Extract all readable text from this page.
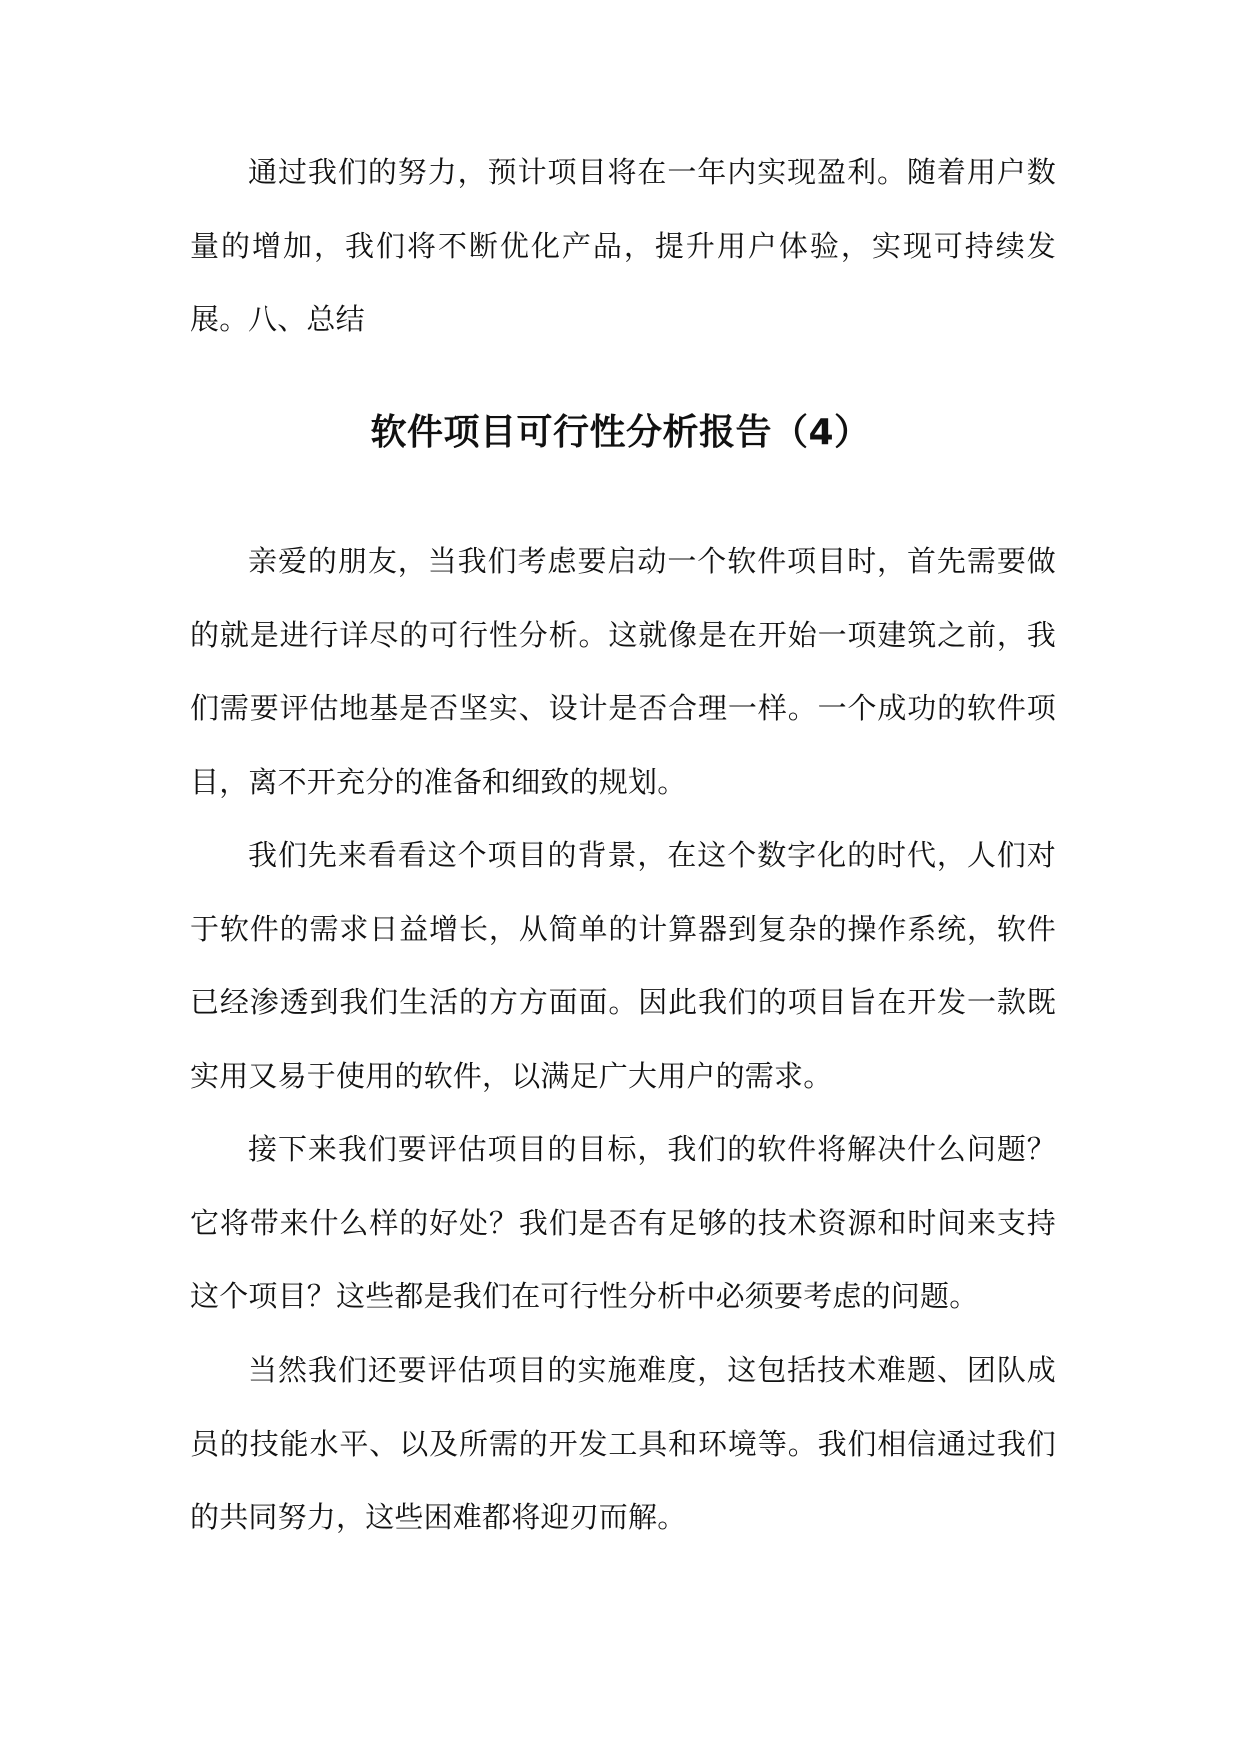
通过我们的努力，预计项目将在一年内实现盈利。随着用户数量的增加，我们将不断优化产品，提升用户体验，实现可持续发展。 八、总结

软件项目可行性分析报告（4）

亲爱的朋友，当我们考虑要启动一个软件项目时，首先需要做的就是进行详尽的可行性分析。这就像是在开始一项建筑之前，我们需要评估地基是否坚实、设计是否合理一样。一个成功的软件项目，离不开充分的准备和细致的规划。

我们先来看看这个项目的背景，在这个数字化的时代，人们对于软件的需求日益增长，从简单的计算器到复杂的操作系统，软件已经渗透到我们生活的方方面面。因此我们的项目旨在开发一款既实用又易于使用的软件，以满足广大用户的需求。

接下来我们要评估项目的目标，我们的软件将解决什么问题？它将带来什么样的好处？我们是否有足够的技术资源和时间来支持这个项目？这些都是我们在可行性分析中必须要考虑的问题。

当然我们还要评估项目的实施难度，这包括技术难题、团队成员的技能水平、以及所需的开发工具和环境等。我们相信通过我们的共同努力，这些困难都将迎刃而解。
